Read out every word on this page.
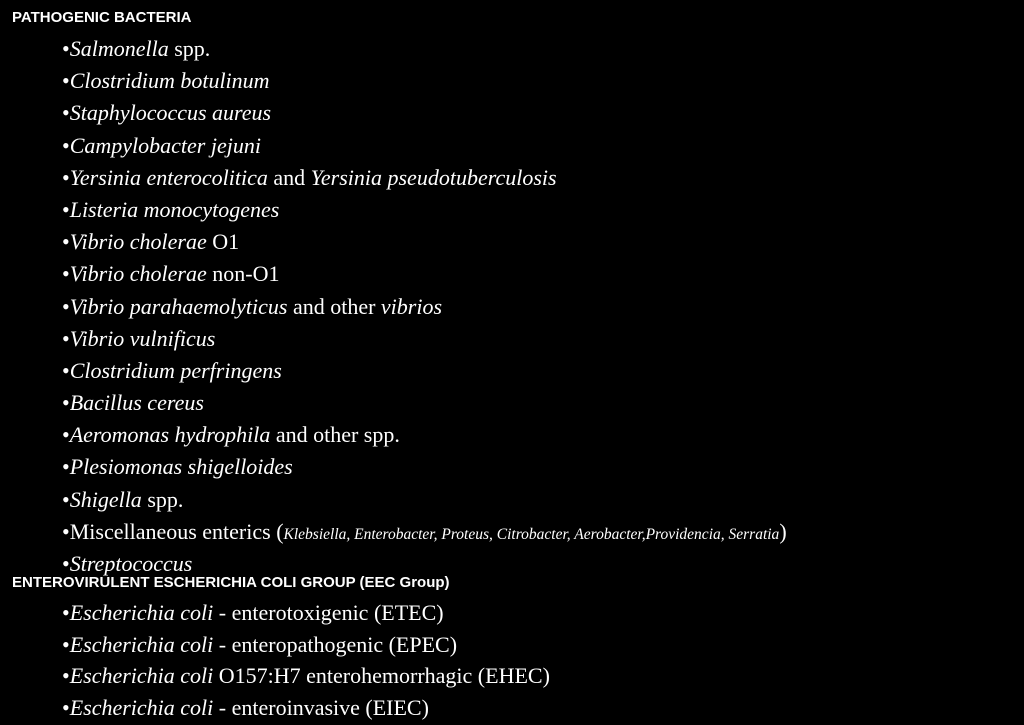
PATHOGENIC BACTERIA
•Salmonella spp.
•Clostridium botulinum
•Staphylococcus aureus
•Campylobacter jejuni
•Yersinia enterocolitica and Yersinia pseudotuberculosis
•Listeria monocytogenes
•Vibrio cholerae O1
•Vibrio cholerae non-O1
•Vibrio parahaemolyticus and other vibrios
•Vibrio vulnificus
•Clostridium perfringens
•Bacillus cereus
•Aeromonas hydrophila and other spp.
•Plesiomonas shigelloides
•Shigella spp.
•Miscellaneous enterics (Klebsiella, Enterobacter, Proteus, Citrobacter, Aerobacter,Providencia, Serratia)
•Streptococcus
ENTEROVIRULENT ESCHERICHIA COLI GROUP (EEC Group)
•Escherichia coli - enterotoxigenic (ETEC)
•Escherichia coli - enteropathogenic (EPEC)
•Escherichia coli O157:H7 enterohemorrhagic (EHEC)
•Escherichia coli - enteroinvasive (EIEC)
